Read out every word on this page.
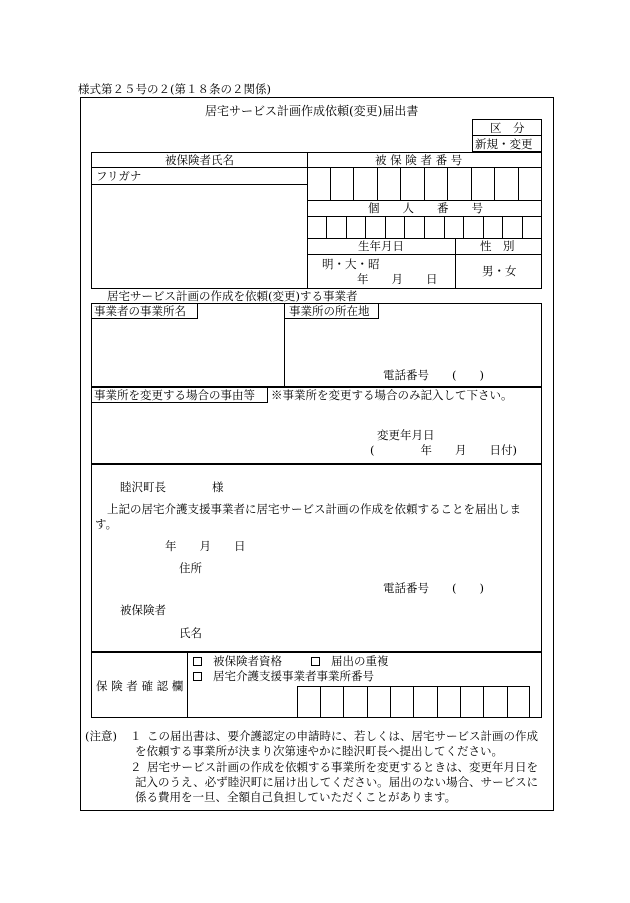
様式第２５号の２(第１８条の２関係)
居宅サービス計画作成依頼(変更)届出書
区　分
新規・変更
被保険者氏名	被 保 険 者 番 号
フリガナ
個　　人　　番　　号
生年月日	性　別
明・大・昭
年　　月　　日
男・女
居宅サービス計画の作成を依頼(変更)する事業者
事業者の事業所名	事業所の所在地
電話番号　　(　　)
事業所を変更する場合の事由等 ※事業所を変更する場合のみ記入して下さい。
変更年月日
(　　　　年　　月　　日付)
睦沢町長　　　　様
上記の居宅介護支援事業者に居宅サービス計画の作成を依頼することを届出しま
す。
年　　月　　日
住所
電話番号　　(　　)
被保険者
氏名
保 険 者 確 認 欄
被保険者資格	届出の重複
居宅介護支援事業者事業所番号
(注意) １ この届出書は、要介護認定の申請時に、若しくは、居宅サービス計画の作成
を依頼する事業所が決まり次第速やかに睦沢町長へ提出してください。
２ 居宅サービス計画の作成を依頼する事業所を変更するときは、変更年月日を
記入のうえ、必ず睦沢町に届け出してください。届出のない場合、サービスに
係る費用を一旦、全額自己負担していただくことがあります。
